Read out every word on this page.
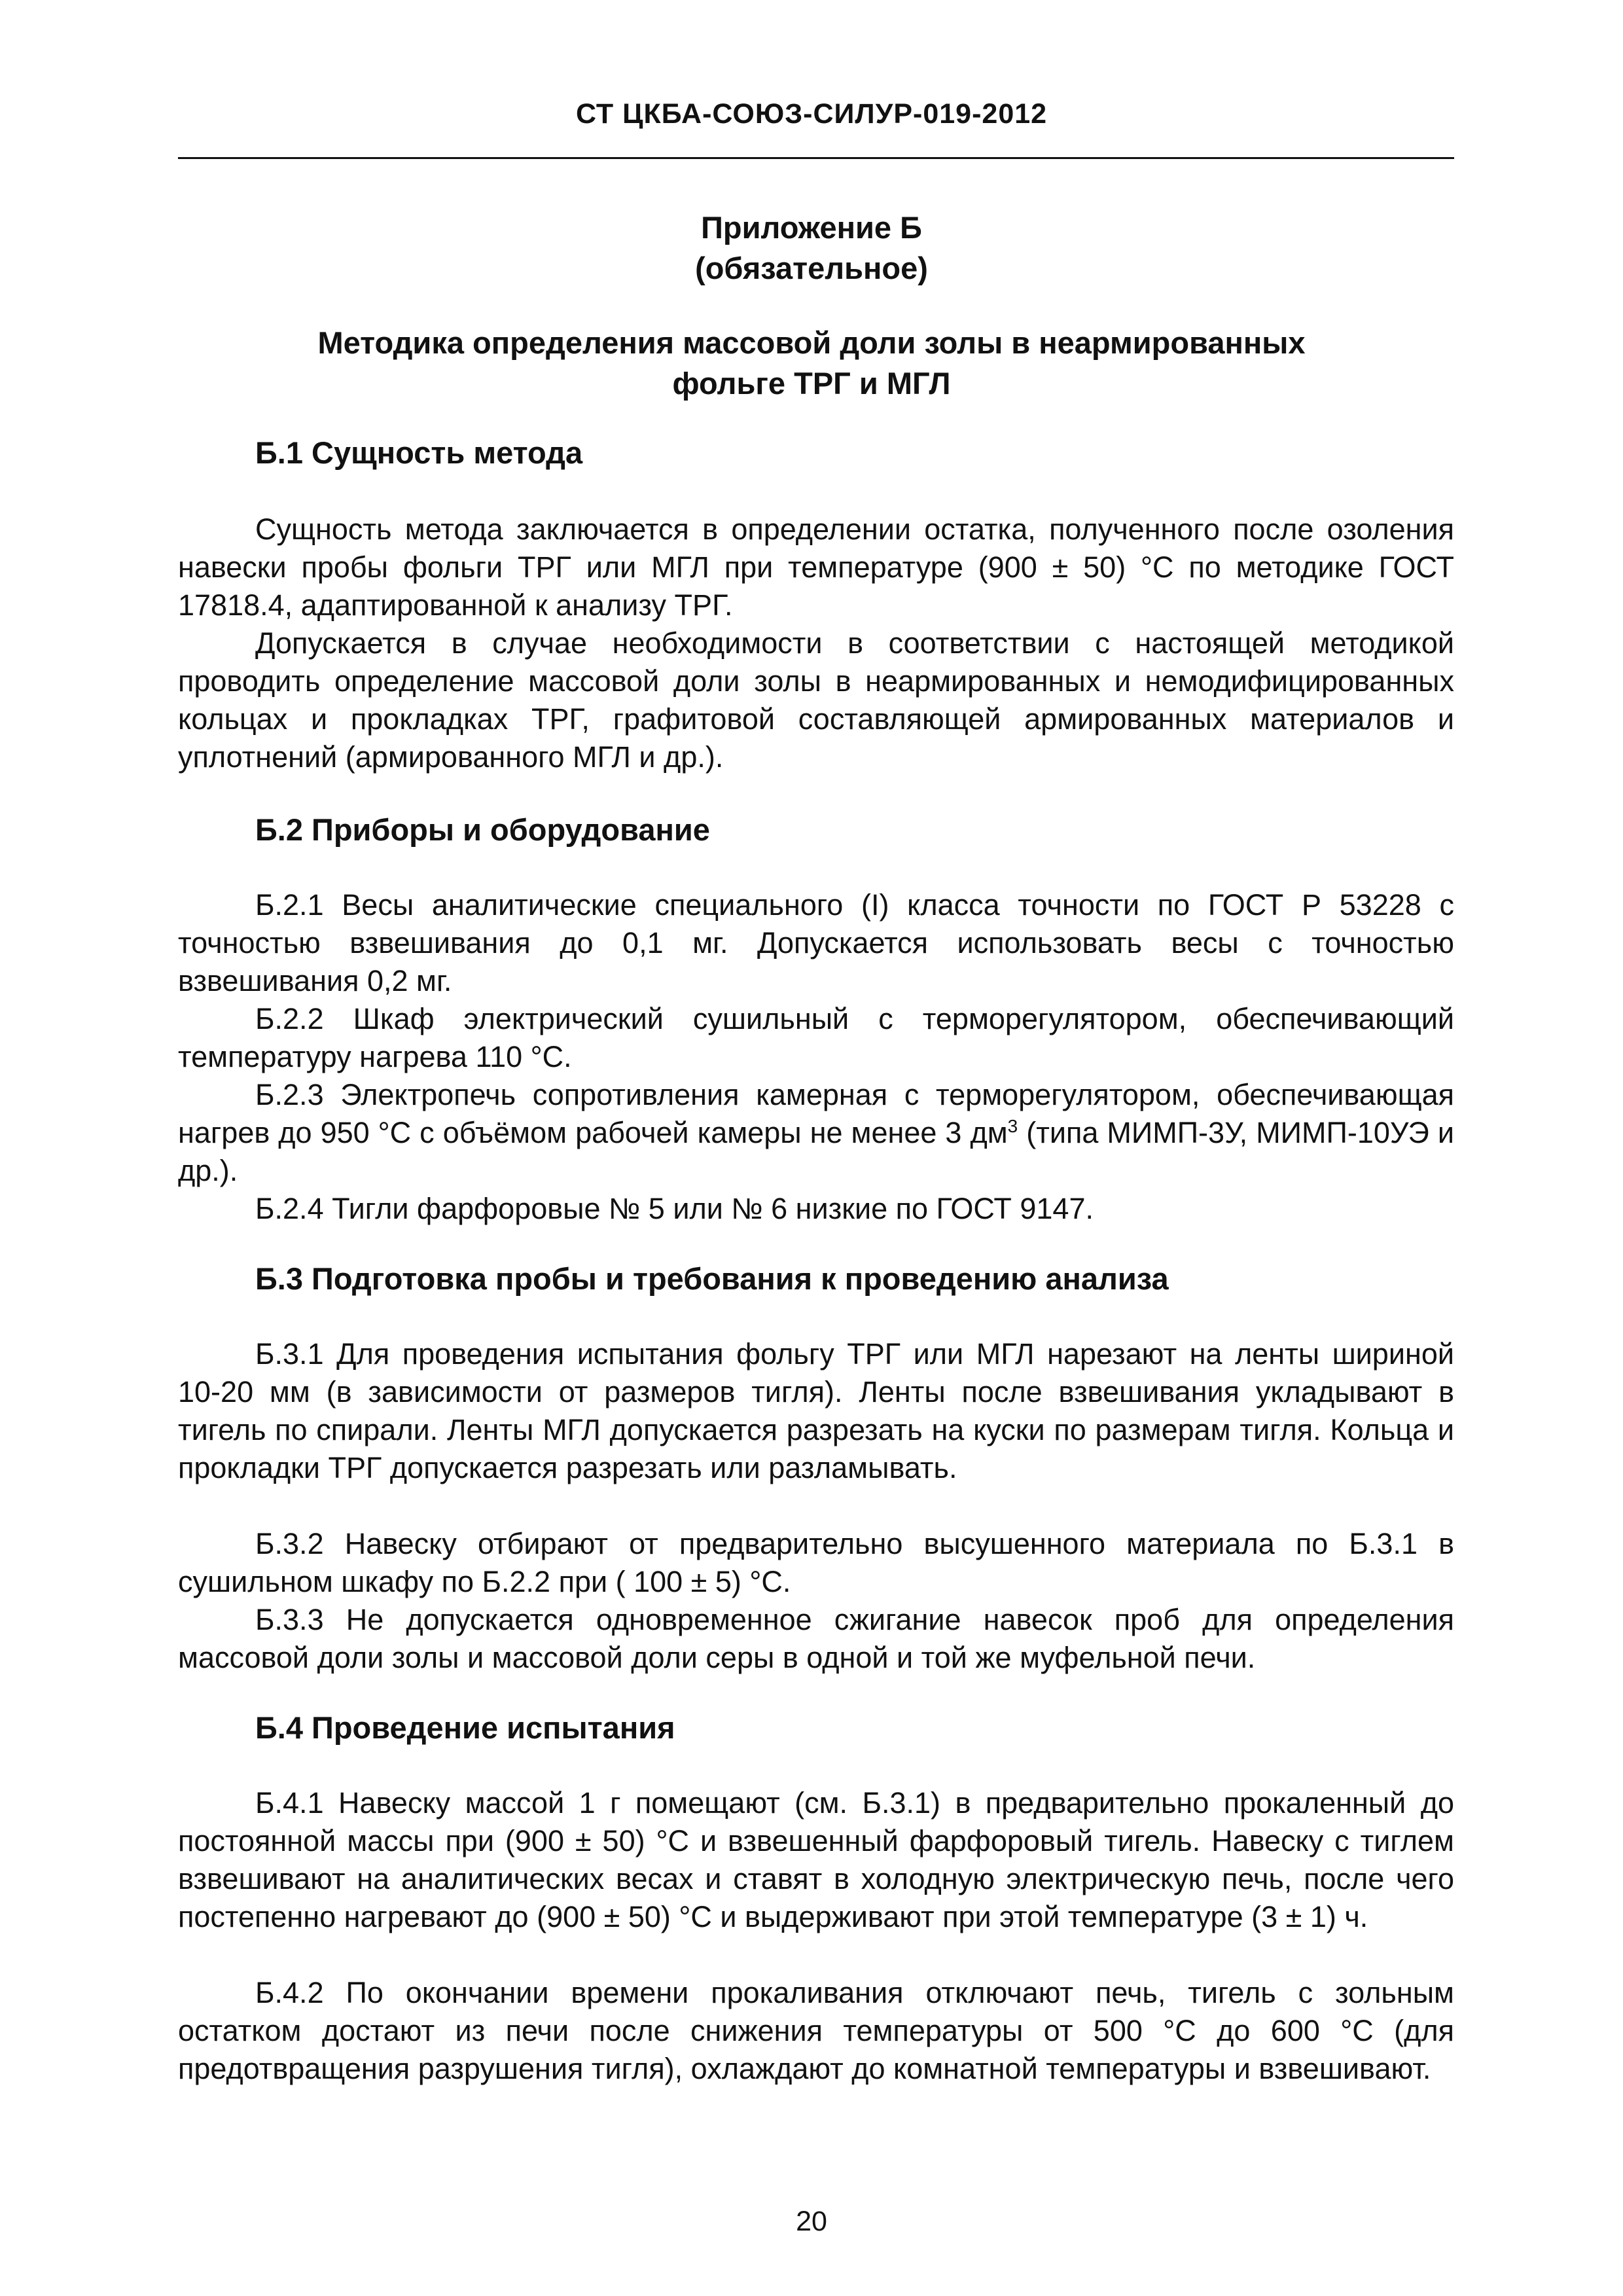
СТ ЦКБА-СОЮЗ-СИЛУР-019-2012
Приложение Б
(обязательное)
Методика определения массовой доли золы в неармированных
фольге ТРГ и МГЛ
Б.1 Сущность метода
Сущность метода заключается в определении остатка, полученного после озоления навески пробы фольги ТРГ или МГЛ при температуре (900 ± 50) °С по методике ГОСТ 17818.4, адаптированной к анализу ТРГ.
Допускается в случае необходимости в соответствии с настоящей методикой проводить определение массовой доли золы в неармированных и немодифицированных кольцах и прокладках ТРГ, графитовой составляющей армированных материалов и уплотнений (армированного МГЛ и др.).
Б.2 Приборы и оборудование
Б.2.1 Весы аналитические специального (I) класса точности по ГОСТ Р 53228 с точностью взвешивания до 0,1 мг. Допускается использовать весы с точностью взвешивания 0,2 мг.
Б.2.2 Шкаф электрический сушильный с терморегулятором, обеспечивающий температуру нагрева 110 °С.
Б.2.3 Электропечь сопротивления камерная с терморегулятором, обеспечивающая нагрев до 950 °С с объёмом рабочей камеры не менее 3 $дм^3$ (типа МИМП-3У, МИМП-10УЭ и др.).
Б.2.4 Тигли фарфоровые № 5 или № 6 низкие по ГОСТ 9147.
Б.3 Подготовка пробы и требования к проведению анализа
Б.3.1 Для проведения испытания фольгу ТРГ или МГЛ нарезают на ленты шириной 10-20 мм (в зависимости от размеров тигля). Ленты после взвешивания укладывают в тигель по спирали. Ленты МГЛ допускается разрезать на куски по размерам тигля. Кольца и прокладки ТРГ допускается разрезать или разламывать.
Б.3.2 Навеску отбирают от предварительно высушенного материала по Б.3.1 в сушильном шкафу по Б.2.2 при ( 100 ± 5) °С.
Б.3.3 Не допускается одновременное сжигание навесок проб для определения массовой доли золы и массовой доли серы в одной и той же муфельной печи.
Б.4 Проведение испытания
Б.4.1 Навеску массой 1 г помещают (см. Б.3.1) в предварительно прокаленный до постоянной массы при (900 ± 50) °С и взвешенный фарфоровый тигель. Навеску с тиглем взвешивают на аналитических весах и ставят в холодную электрическую печь, после чего постепенно нагревают до (900 ± 50) °С и выдерживают при этой температуре (3 ± 1) ч.
Б.4.2 По окончании времени прокаливания отключают печь, тигель с зольным остатком достают из печи после снижения температуры от 500 °С до 600 °С (для предотвращения разрушения тигля), охлаждают до комнатной температуры и взвешивают.
20
